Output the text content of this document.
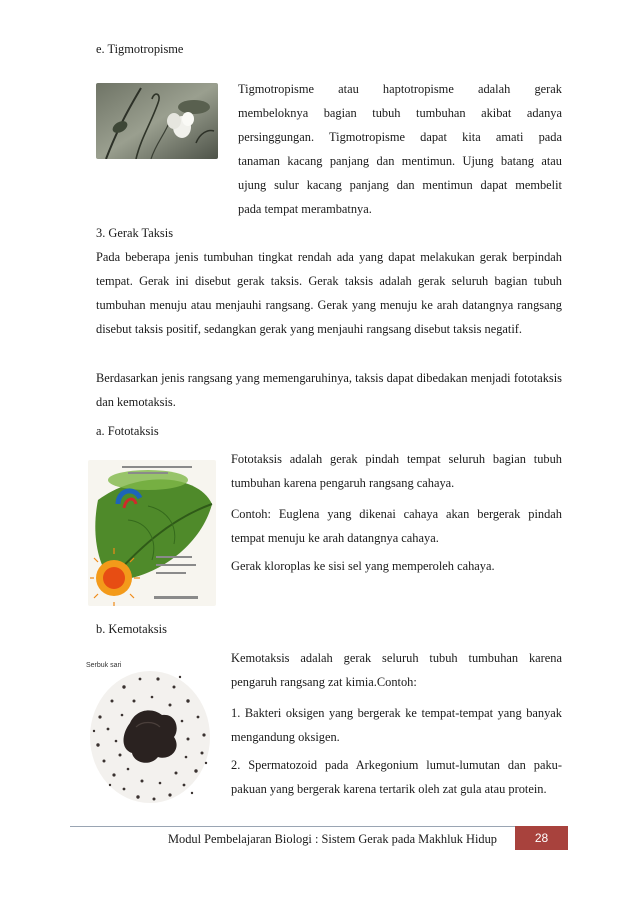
e. Tigmotropisme
Tigmotropisme atau haptotropisme adalah gerak
membeloknya bagian tubuh tumbuhan akibat adanya
persinggungan. Tigmotropisme dapat kita amati pada
tanaman kacang panjang dan mentimun. Ujung batang atau
ujung sulur kacang panjang dan mentimun dapat membelit
pada tempat merambatnya.
3. Gerak Taksis
Pada beberapa jenis tumbuhan tingkat rendah ada yang dapat melakukan gerak berpindah tempat. Gerak ini disebut gerak taksis. Gerak taksis adalah gerak seluruh bagian tubuh tumbuhan menuju atau menjauhi rangsang. Gerak yang menuju ke arah datangnya rangsang disebut taksis positif, sedangkan gerak yang menjauhi rangsang disebut taksis negatif.
Berdasarkan jenis rangsang yang memengaruhinya, taksis dapat dibedakan menjadi fototaksis dan kemotaksis.
a. Fototaksis
Fototaksis adalah gerak pindah tempat seluruh bagian tubuh tumbuhan karena pengaruh rangsang cahaya.
Contoh: Euglena yang dikenai cahaya akan bergerak pindah tempat menuju ke arah datangnya cahaya.
Gerak kloroplas ke sisi sel yang memperoleh cahaya.
b. Kemotaksis
Serbuk sari
Kemotaksis adalah gerak seluruh tubuh tumbuhan karena pengaruh rangsang zat kimia.Contoh:
1. Bakteri oksigen yang bergerak ke tempat-tempat yang banyak mengandung oksigen.
2. Spermatozoid pada Arkegonium lumut-lumutan dan paku-pakuan yang bergerak karena tertarik oleh zat gula atau protein.
Modul Pembelajaran Biologi : Sistem Gerak pada Makhluk Hidup	28
